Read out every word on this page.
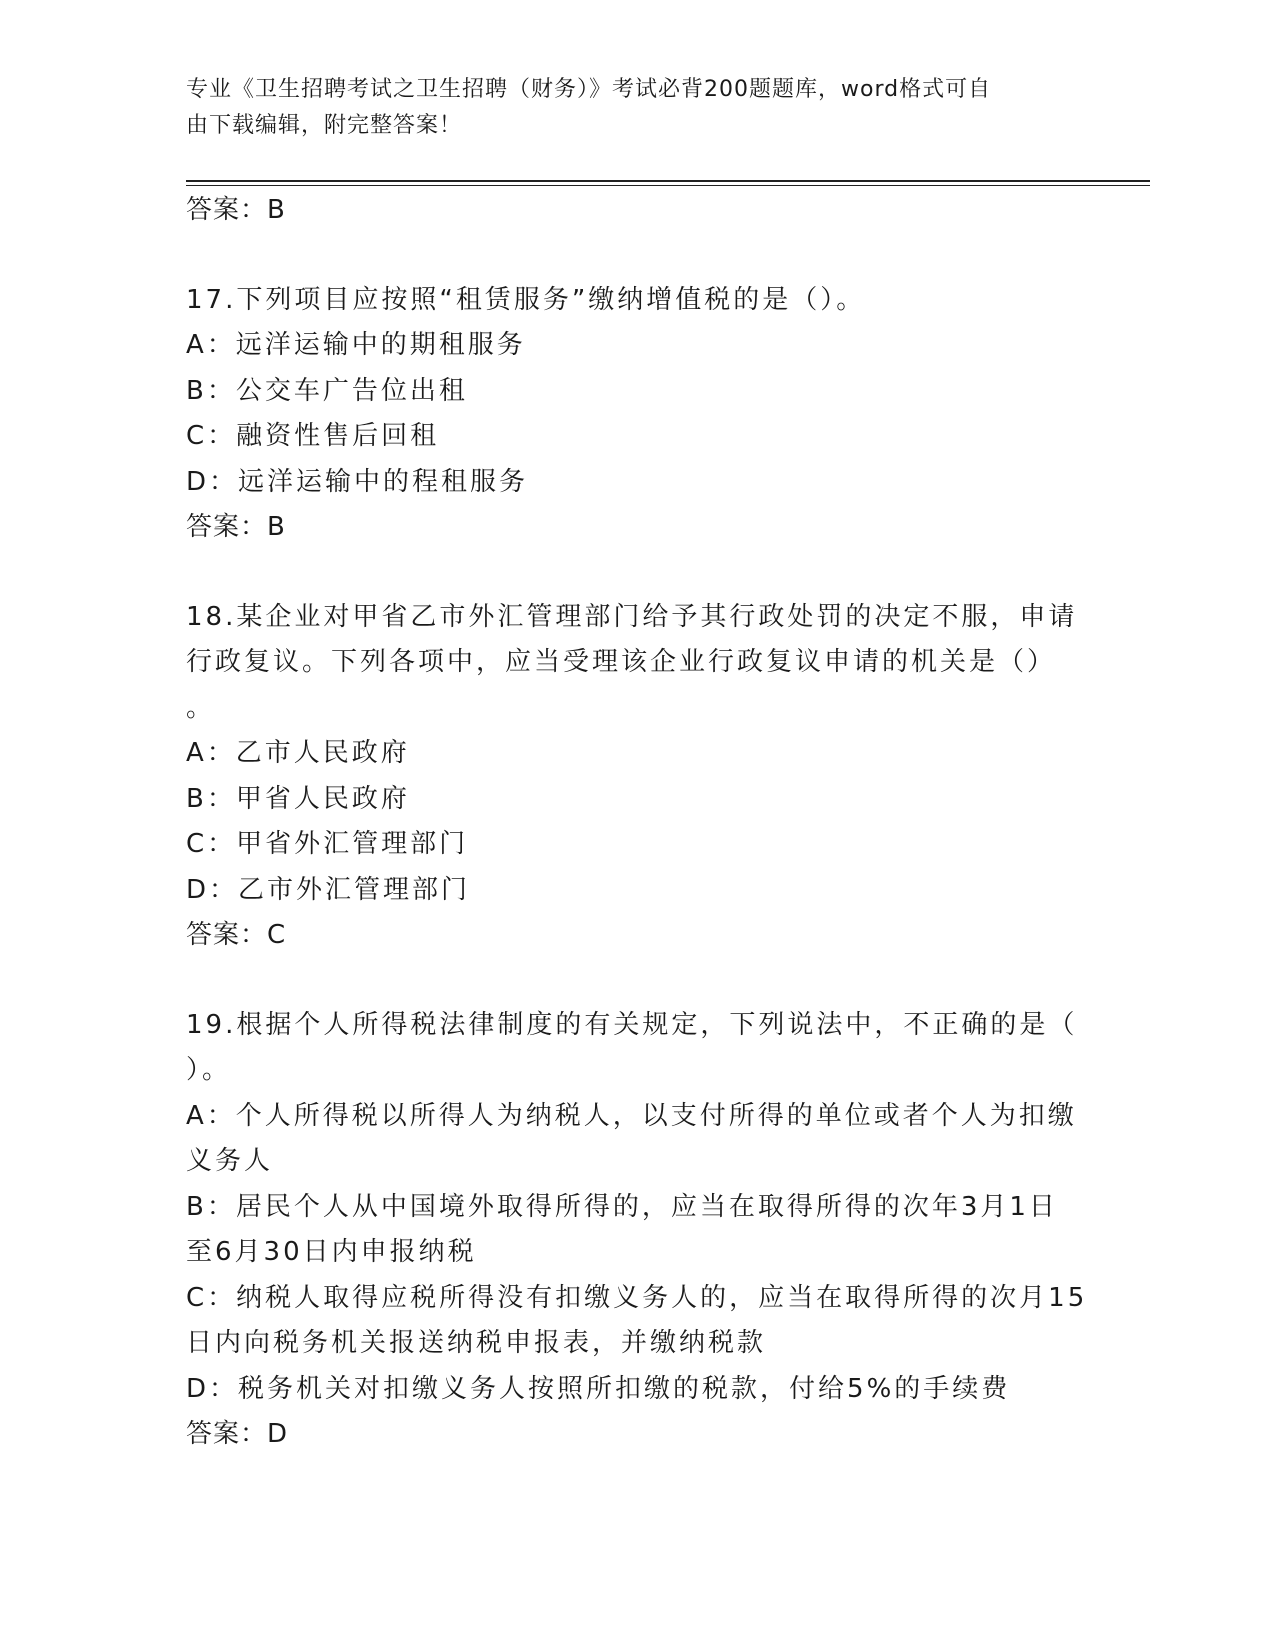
专业《卫生招聘考试之卫生招聘（财务）》考试必背200题题库，word格式可自
由下载编辑，附完整答案！
答案：B
17.下列项目应按照“租赁服务”缴纳增值税的是（）。
A：远洋运输中的期租服务
B：公交车广告位出租
C：融资性售后回租
D：远洋运输中的程租服务
答案：B
18.某企业对甲省乙市外汇管理部门给予其行政处罚的决定不服，申请
行政复议。下列各项中，应当受理该企业行政复议申请的机关是（）
。
A：乙市人民政府
B：甲省人民政府
C：甲省外汇管理部门
D：乙市外汇管理部门
答案：C
19.根据个人所得税法律制度的有关规定，下列说法中，不正确的是（
）。
A：个人所得税以所得人为纳税人，以支付所得的单位或者个人为扣缴
义务人
B：居民个人从中国境外取得所得的，应当在取得所得的次年3月1日
至6月30日内申报纳税
C：纳税人取得应税所得没有扣缴义务人的，应当在取得所得的次月15
日内向税务机关报送纳税申报表，并缴纳税款
D：税务机关对扣缴义务人按照所扣缴的税款，付给5%的手续费
答案：D
